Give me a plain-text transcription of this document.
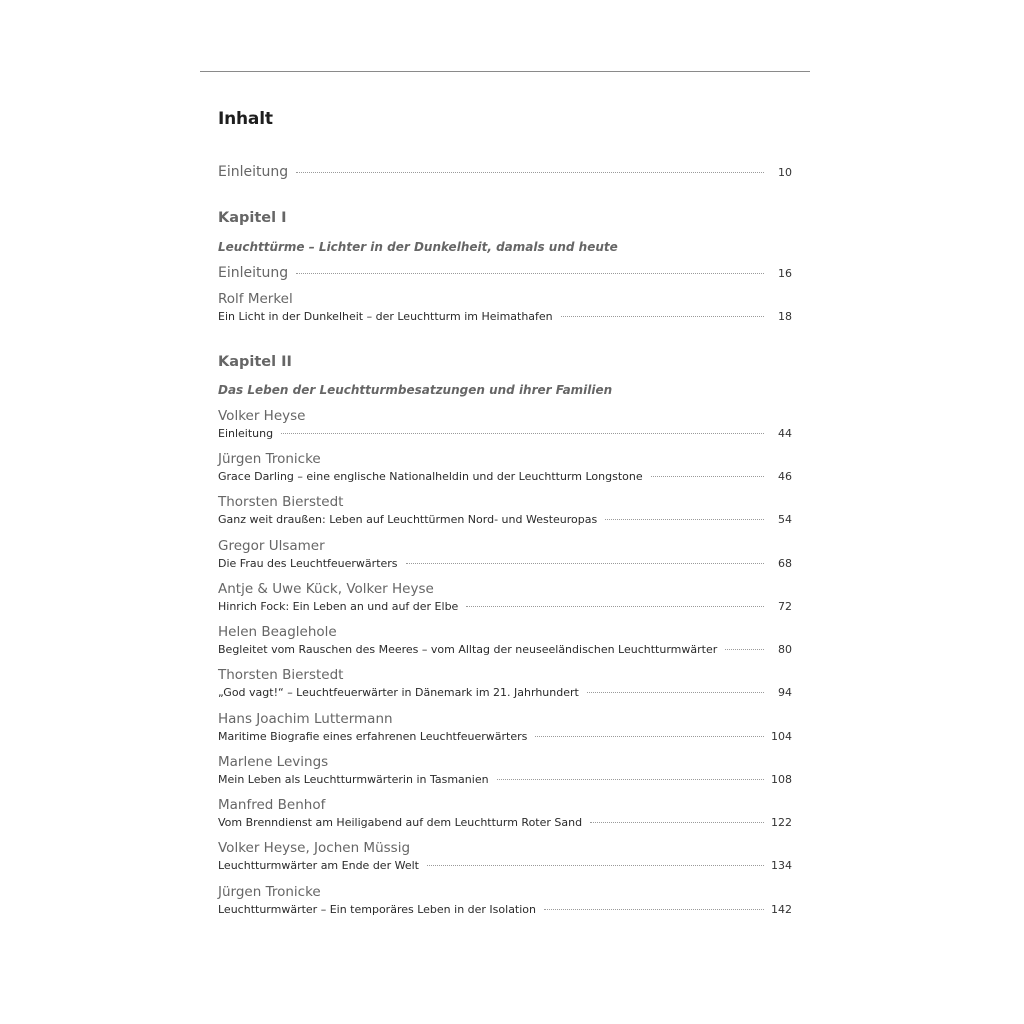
Inhalt
Einleitung	10
Kapitel I
Leuchttürme – Lichter in der Dunkelheit, damals und heute
Einleitung	16
Rolf Merkel
Ein Licht in der Dunkelheit – der Leuchtturm im Heimathafen	18
Kapitel II
Das Leben der Leuchtturmbesatzungen und ihrer Familien
Volker Heyse
Einleitung	44
Jürgen Tronicke
Grace Darling – eine englische Nationalheldin und der Leuchtturm Longstone	46
Thorsten Bierstedt
Ganz weit draußen: Leben auf Leuchttürmen Nord- und Westeuropas	54
Gregor Ulsamer
Die Frau des Leuchtfeuerwärters	68
Antje & Uwe Kück, Volker Heyse
Hinrich Fock: Ein Leben an und auf der Elbe	72
Helen Beaglehole
Begleitet vom Rauschen des Meeres – vom Alltag der neuseeländischen Leuchtturmwärter	80
Thorsten Bierstedt
„God vagt!“ – Leuchtfeuerwärter in Dänemark im 21. Jahrhundert	94
Hans Joachim Luttermann
Maritime Biografie eines erfahrenen Leuchtfeuerwärters	104
Marlene Levings
Mein Leben als Leuchtturmwärterin in Tasmanien	108
Manfred Benhof
Vom Brenndienst am Heiligabend auf dem Leuchtturm Roter Sand	122
Volker Heyse, Jochen Müssig
Leuchtturmwärter am Ende der Welt	134
Jürgen Tronicke
Leuchtturmwärter – Ein temporäres Leben in der Isolation	142
